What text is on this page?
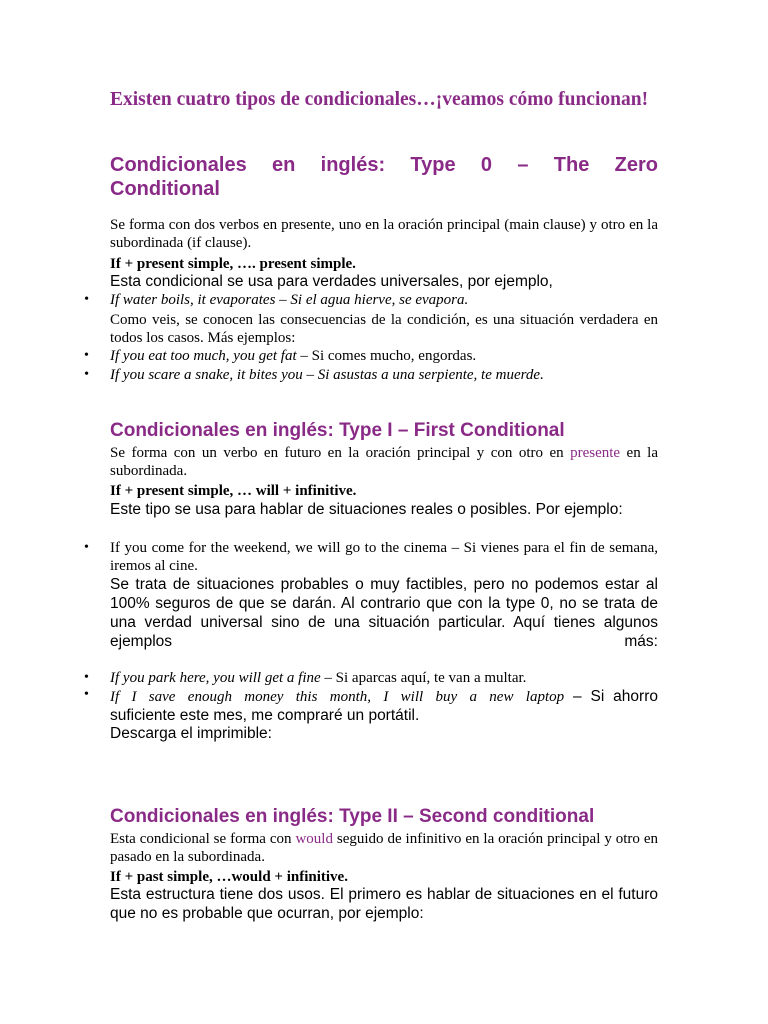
Existen cuatro tipos de condicionales…¡veamos cómo funcionan!

Condicionales en inglés: Type 0 – The Zero
Conditional

Se forma con dos verbos en presente, uno en la oración principal (main clause) y otro en la subordinada (if clause).

If + present simple, …. present simple.

Esta condicional se usa para verdades universales, por ejemplo,

• If water boils, it evaporates – Si el agua hierve, se evapora.

Como veis, se conocen las consecuencias de la condición, es una situación verdadera en todos los casos. Más ejemplos:

• If you eat too much, you get fat – Si comes mucho, engordas.
• If you scare a snake, it bites you – Si asustas a una serpiente, te muerde.
Condicionales en inglés: Type I – First Conditional

Se forma con un verbo en futuro en la oración principal y con otro en presente en la subordinada.

If + present simple, … will + infinitive.

Este tipo se usa para hablar de situaciones reales o posibles. Por ejemplo:

• If you come for the weekend, we will go to the cinema – Si vienes para el fin de semana, iremos al cine.

Se trata de situaciones probables o muy factibles, pero no podemos estar al 100% seguros de que se darán. Al contrario que con la type 0, no se trata de una verdad universal sino de una situación particular. Aquí tienes algunos ejemplos más:

• If you park here, you will get a fine – Si aparcas aquí, te van a multar.
• If I save enough money this month, I will buy a new laptop – Si ahorro suficiente este mes, me compraré un portátil.

Descarga el imprimible:

Condicionales en inglés: Type II – Second conditional

Esta condicional se forma con would seguido de infinitivo en la oración principal y otro en pasado en la subordinada.

If + past simple, …would + infinitive.

Esta estructura tiene dos usos. El primero es hablar de situaciones en el futuro que no es probable que ocurran, por ejemplo:
